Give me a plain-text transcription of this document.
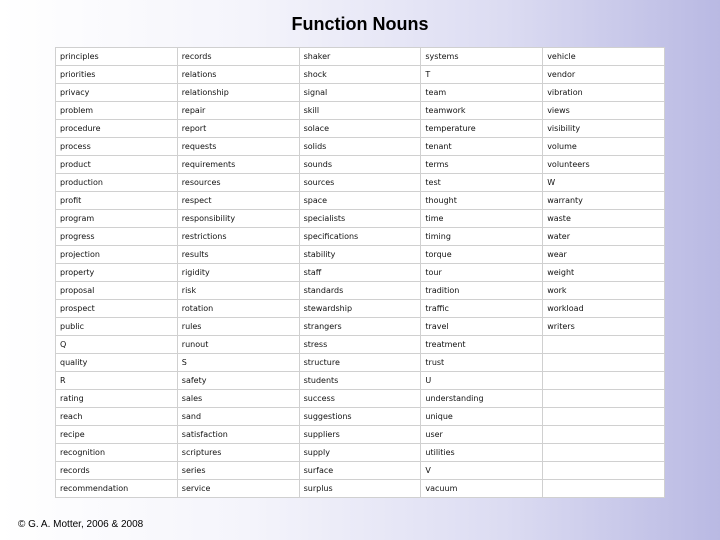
Function Nouns
principles	records	shaker	systems	vehicle
priorities	relations	shock	T	vendor
privacy	relationship	signal	team	vibration
problem	repair	skill	teamwork	views
procedure	report	solace	temperature	visibility
process	requests	solids	tenant	volume
product	requirements	sounds	terms	volunteers
production	resources	sources	test	W
profit	respect	space	thought	warranty
program	responsibility	specialists	time	waste
progress	restrictions	specifications	timing	water
projection	results	stability	torque	wear
property	rigidity	staff	tour	weight
proposal	risk	standards	tradition	work
prospect	rotation	stewardship	traffic	workload
public	rules	strangers	travel	writers
Q	runout	stress	treatment	
quality	S	structure	trust	
R	safety	students	U	
rating	sales	success	understanding	
reach	sand	suggestions	unique	
recipe	satisfaction	suppliers	user	
recognition	scriptures	supply	utilities	
records	series	surface	V	
recommendation	service	surplus	vacuum	
© G. A. Motter, 2006 & 2008
